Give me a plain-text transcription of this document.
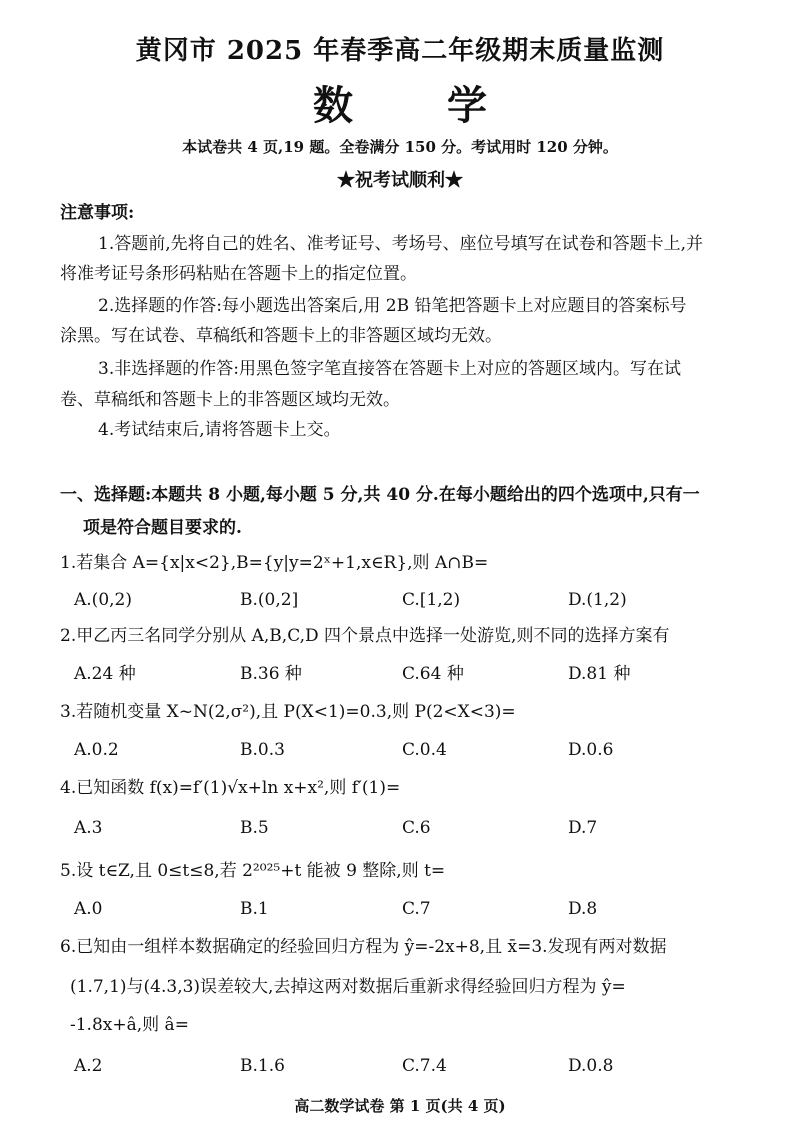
黄冈市 2025 年春季高二年级期末质量监测
数 学
本试卷共 4 页,19 题。全卷满分 150 分。考试用时 120 分钟。
★祝考试顺利★
注意事项:
1.答题前,先将自己的姓名、准考证号、考场号、座位号填写在试卷和答题卡上,并
将准考证号条形码粘贴在答题卡上的指定位置。
2.选择题的作答:每小题选出答案后,用 2B 铅笔把答题卡上对应题目的答案标号
涂黑。写在试卷、草稿纸和答题卡上的非答题区域均无效。
3.非选择题的作答:用黑色签字笔直接答在答题卡上对应的答题区域内。写在试
卷、草稿纸和答题卡上的非答题区域均无效。
4.考试结束后,请将答题卡上交。
一、选择题:本题共 8 小题,每小题 5 分,共 40 分.在每小题给出的四个选项中,只有一
项是符合题目要求的.
1.若集合 A={x|x<2},B={y|y=2ˣ+1,x∈R},则 A∩B=
A.(0,2)	B.(0,2]	C.[1,2)	D.(1,2)
2.甲乙丙三名同学分别从 A,B,C,D 四个景点中选择一处游览,则不同的选择方案有
A.24 种	B.36 种	C.64 种	D.81 种
3.若随机变量 X~N(2,σ²),且 P(X<1)=0.3,则 P(2<X<3)=
A.0.2	B.0.3	C.0.4	D.0.6
4.已知函数 f(x)=f′(1)√x+ln x+x²,则 f′(1)=
A.3	B.5	C.6	D.7
5.设 t∈Z,且 0≤t≤8,若 2²⁰²⁵+t 能被 9 整除,则 t=
A.0	B.1	C.7	D.8
6.已知由一组样本数据确定的经验回归方程为 ŷ=-2x+8,且 x̄=3.发现有两对数据
(1.7,1)与(4.3,3)误差较大,去掉这两对数据后重新求得经验回归方程为 ŷ=
-1.8x+â,则 â=
A.2	B.1.6	C.7.4	D.0.8
高二数学试卷 第 1 页(共 4 页)
